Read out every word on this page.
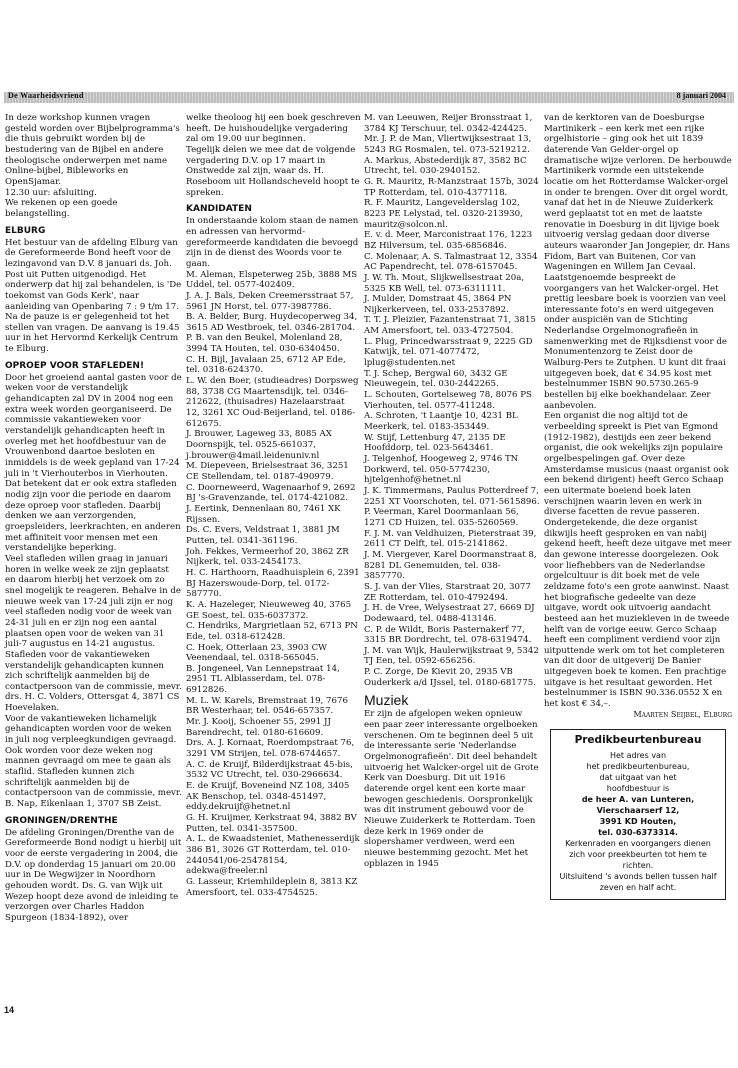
De Waarheidsvriend	8 januari 2004

In deze workshop kunnen vragen gesteld worden over Bijbelprogramma's die thuis gebruikt worden bij de bestudering van de Bijbel en andere theologische onderwerpen met name Online-bijbel, Bibleworks en OpenSjamar.

12.30 uur: afsluiting.

We rekenen op een goede belangstelling.

ELBURG

Het bestuur van de afdeling Elburg van de Gereformeerde Bond heeft voor de lezingavond van D.V. 8 januari ds. Joh. Post uit Putten uitgenodigd. Het onderwerp dat hij zal behandelen, is 'De toekomst van Gods Kerk', naar aanleiding van Openbaring 7 : 9 t/m 17. Na de pauze is er gelegenheid tot het stellen van vragen. De aanvang is 19.45 uur in het Hervormd Kerkelijk Centrum te Elburg.

OPROEP VOOR STAFLEDEN!

Door het groeiend aantal gasten voor de weken voor de verstandelijk gehandicapten zal DV in 2004 nog een extra week worden georganiseerd. De commissie vakantieweken voor verstandelijk gehandicapten heeft in overleg met het hoofdbestuur van de Vrouwenbond daartoe besloten en inmiddels is de week gepland van 17-24 juli in 't Vierhouterbos in Vierhouten.

Dat betekent dat er ook extra stafleden nodig zijn voor die periode en daarom deze oproep voor stafleden. Daarbij denken we aan verzorgenden, groepsleiders, leerkrachten, en anderen met affiniteit voor mensen met een verstandelijke beperking.

Veel stafleden willen graag in januari horen in welke week ze zijn geplaatst en daarom hierbij het verzoek om zo snel mogelijk te reageren. Behalve in de nieuwe week van 17-24 juli zijn er nog veel stafleden nodig voor de week van 24-31 juli en er zijn nog een aantal plaatsen open voor de weken van 31 juli-7 augustus en 14-21 augustus. Stafleden voor de vakantieweken verstandelijk gehandicapten kunnen zich schriftelijk aanmelden bij de contactpersoon van de commissie, mevr. drs. H. C. Volders, Ottersgat 4, 3871 CS Hoevelaken.

Voor de vakantieweken lichamelijk gehandicapten worden voor de weken in juli nog verpleegkundigen gevraagd. Ook worden voor deze weken nog mannen gevraagd om mee te gaan als staflid. Stafleden kunnen zich schriftelijk aanmelden bij de contactpersoon van de commissie, mevr. B. Nap, Eikenlaan 1, 3707 SB Zeist.

GRONINGEN/DRENTHE

De afdeling Groningen/Drenthe van de Gereformeerde Bond nodigt u hierbij uit voor de eerste vergadering in 2004, die D.V. op donderdag 15 januari om 20.00 uur in De Wegwijzer in Noordhorn gehouden wordt. Ds. G. van Wijk uit Wezep hoopt deze avond de inleiding te verzorgen over Charles Haddon Spurgeon (1834-1892), over

welke theoloog hij een boek geschreven heeft. De huishoudelijke vergadering zal om 19.00 uur beginnen.

Tegelijk delen we mee dat de volgende vergadering D.V. op 17 maart in Onstwedde zal zijn, waar ds. H. Roseboom uit Hollandscheveld hoopt te spreken.

KANDIDATEN

In onderstaande kolom staan de namen en adressen van hervormd-gereformeerde kandidaten die bevoegd zijn in de dienst des Woords voor te gaan.

M. Aleman, Elspeterweg 25b, 3888 MS Uddel, tel. 0577-402409.

J. A. J. Bals, Deken Creemersstraat 57, 5961 JN Horst, tel. 077-3987786.

B. A. Belder, Burg. Huydecoperweg 34, 3615 AD Westbroek, tel. 0346-281704.

P. B. van den Beukel, Molenland 28, 3994 TA Houten, tel. 030-6340450.

C. H. Bijl, Javalaan 25, 6712 AP Ede, tel. 0318-624370.

L. W. den Boer, (studieadres) Dorpsweg 88, 3738 CG Maartensdijk, tel. 0346-212622, (thuisadres) Hazelaarstraat 12, 3261 XC Oud-Beijerland, tel. 0186-612675.

J. Brouwer, Lageweg 33, 8085 AX Doornspijk, tel. 0525-661037, j.brouwer@4mail.leidenuniv.nl

M. Diepeveen, Brielsestraat 36, 3251 CE Stellendam, tel. 0187-490979.

C. Doorneweerd, Wagenaarhof 9, 2692 BJ 's-Gravenzande, tel. 0174-421082.

J. Eertink, Dennenlaan 80, 7461 XK Rijssen.

Ds. C. Evers, Veldstraat 1, 3881 JM Putten, tel. 0341-361196.

Joh. Fekkes, Vermeerhof 20, 3862 ZR Nijkerk, tel. 033-2454173.

H. C. Harthoorn, Raadhuisplein 6, 2391 BJ Hazerswoude-Dorp, tel. 0172-587770.

K. A. Hazeleger, Nieuweweg 40, 3765 GE Soest, tel. 035-6037372.

C. Hendriks, Margrietlaan 52, 6713 PN Ede, tel. 0318-612428.

C. Hoek, Otterlaan 23, 3903 CW Veenendaal, tel. 0318-565045.

B. Jongeneel, Van Lennepstraat 14, 2951 TL Alblasserdam, tel. 078-6912826.

M. L. W. Karels, Bremstraat 19, 7676 BR Westerhaar, tel. 0546-657357.

Mr. J. Kooij, Schoener 55, 2991 JJ Barendrecht, tel. 0180-616609.

Drs. A. J. Kornaat, Roerdompstraat 76, 3291 VM Strijen, tel. 078-6744657.

A. C. de Kruijf, Bilderdijkstraat 45-bis, 3532 VC Utrecht, tel. 030-2966634.

E. de Kruijf, Boveneind NZ 108, 3405 AK Benschop, tel. 0348-451497, eddy.dekruijf@hetnet.nl

G. H. Kruijmer, Kerkstraat 94, 3882 BV Putten, tel. 0341-357500.

A. L. de Kwaadsteniet, Mathenesserdijk 386 B1, 3026 GT Rotterdam, tel. 010-2440541/06-25478154, adekwa@freeler.nl

G. Lasseur, Kriemhildeplein 8, 3813 KZ Amersfoort, tel. 033-4754525.

M. van Leeuwen, Reijer Bronsstraat 1, 3784 KJ Terschuur, tel. 0342-424425.

Mr. J. P. de Man, Vliertwijksestraat 13, 5243 RG Rosmalen, tel. 073-5219212.

A. Markus, Abstederdijk 87, 3582 BC Utrecht, tel. 030-2940152.

G. R. Mauritz, R-Manzstraat 157b, 3024 TP Rotterdam, tel. 010-4377118.

R. F. Mauritz, Langevelderslag 102, 8223 PE Lelystad, tel. 0320-213930, mauritz@solcon.nl.

E. v. d. Meer, Marconistraat 176, 1223 BZ Hilversum, tel. 035-6856846.

C. Molenaar, A. S. Talmastraat 12, 3354 AC Papendrecht, tel. 078-6157045.

J. W. Th. Mout, Slijkwellsestraat 20a, 5325 KB Well, tel. 073-6311111.

J. Mulder, Domstraat 45, 3864 PN Nijkerkerveen, tel. 033-2537892.

T. T. J. Pleizier, Fazantenstraat 71, 3815 AM Amersfoort, tel. 033-4727504.

L. Plug, Princedwarsstraat 9, 2225 GD Katwijk, tel. 071-4077472, lplug@studenten.net

T. J. Schep, Bergwal 60, 3432 GE Nieuwegein, tel. 030-2442265.

L. Schouten, Gortelseweg 78, 8076 PS Vierhouten, tel. 0577-411248.

A. Schroten, 't Laantje 10, 4231 BL Meerkerk, tel. 0183-353449.

W. Stijf, Lettenburg 47, 2135 DE Hoofddorp, tel. 023-5643461.

J. Telgenhof, Hoogeweg 2, 9746 TN Dorkwerd, tel. 050-5774230, hjtelgenhof@hetnet.nl

J. K. Timmermans, Paulus Potterdreef 7, 2251 XT Voorschoten, tel. 071-5615896.

P. Veerman, Karel Doormanlaan 56, 1271 CD Huizen, tel. 035-5260569.

F. J. M. van Veldhuizen, Pieterstraat 39, 2611 CT Delft, tel. 015-2141862.

J. M. Viergever, Karel Doormanstraat 8, 8281 DL Genemuiden, tel. 038-3857770.

S. J. van der Vlies, Starstraat 20, 3077 ZE Rotterdam, tel. 010-4792494.

J. H. de Vree, Welysestraat 27, 6669 DJ Dodewaard, tel. 0488-413146.

C. P. de Wildt, Boris Pasternakerf 77, 3315 BR Dordrecht, tel. 078-6319474.

J. M. van Wijk, Haulerwijkstraat 9, 5342 TJ Een, tel. 0592-656256.

P. C. Zorge, De Kievit 20, 2935 VB Ouderkerk a/d IJssel, tel. 0180-681775.

Muziek

Er zijn de afgelopen weken opnieuw een paar zeer interessante orgelboeken verschenen. Om te beginnen deel 5 uit de interessante serie 'Nederlandse Orgelmonografieën'. Dit deel behandelt uitvoerig het Walcker-orgel uit de Grote Kerk van Doesburg. Dit uit 1916 daterende orgel kent een korte maar bewogen geschiedenis. Oorspronkelijk was dit instrument gebouwd voor de Nieuwe Zuiderkerk te Rotterdam. Toen deze kerk in 1969 onder de slopershamer verdween, werd een nieuwe bestemming gezocht. Met het opblazen in 1945

van de kerktoren van de Doesburgse Martinikerk – een kerk met een rijke orgelhistorie – ging ook het uit 1839 daterende Van Gelder-orgel op dramatische wijze verloren. De herbouwde Martinikerk vormde een uitstekende locatie om het Rotterdamse Walcker-orgel in onder te brengen. Over dit orgel wordt, vanaf dat het in de Nieuwe Zuiderkerk werd geplaatst tot en met de laatste renovatie in Doesburg in dit lijvige boek uitvoerig verslag gedaan door diverse auteurs waaronder Jan Jongepier, dr. Hans Fidom, Bart van Buitenen, Cor van Wageningen en Willem Jan Cevaal. Laatstgenoemde bespreekt de voorgangers van het Walcker-orgel. Het prettig leesbare boek is voorzien van veel interessante foto's en werd uitgegeven onder auspiciën van de Stichting Nederlandse Orgelmonografieën in samenwerking met de Rijksdienst voor de Monumentenzorg te Zeist door de Walburg-Pers te Zutphen. U kunt dit fraai uitgegeven boek, dat € 34.95 kost met bestelnummer ISBN 90.5730.265-9 bestellen bij elke boekhandelaar. Zeer aanbevolen.

Een organist die nog altijd tot de verbeelding spreekt is Piet van Egmond (1912-1982), destijds een zeer bekend organist, die ook wekelijks zijn populaire orgelbespelingen gaf. Over deze Amsterdamse musicus (naast organist ook een bekend dirigent) heeft Gerco Schaap een uitermate boeiend boek laten verschijnen waarin leven en werk in diverse facetten de revue passeren. Ondergetekende, die deze organist dikwijls heeft gesproken en van nabij gekend heeft, heeft deze uitgave met meer dan gewone interesse doorgelezen. Ook voor liefhebbers van de Nederlandse orgelcultuur is dit boek met de vele zeldzame foto's een grote aanwinst. Naast het biografische gedeelte van deze uitgave, wordt ook uitvoerig aandacht besteed aan het muziekleven in de tweede helft van de vorige eeuw. Gerco Schaap heeft een compliment verdiend voor zijn uitputtende werk om tot het completeren van dit door de uitgeverij De Banier uitgegeven boek te komen. Een prachtige uitgave is het resultaat geworden. Het bestelnummer is ISBN 90.336.0552 X en het kost € 34,–.

Maarten Seijbel, Elburg

Predikbeurtenbureau
Het adres van
het predikbeurtenbureau,
dat uitgaat van het
hoofdbestuur is
de heer A. van Lunteren,
Vierschaarserf 12,
3991 KD Houten,
tel. 030-6373314.
Kerkenraden en voorgangers dienen zich voor preekbeurten tot hem te richten.
Uitsluitend 's avonds bellen tussen half zeven en half acht.
14
